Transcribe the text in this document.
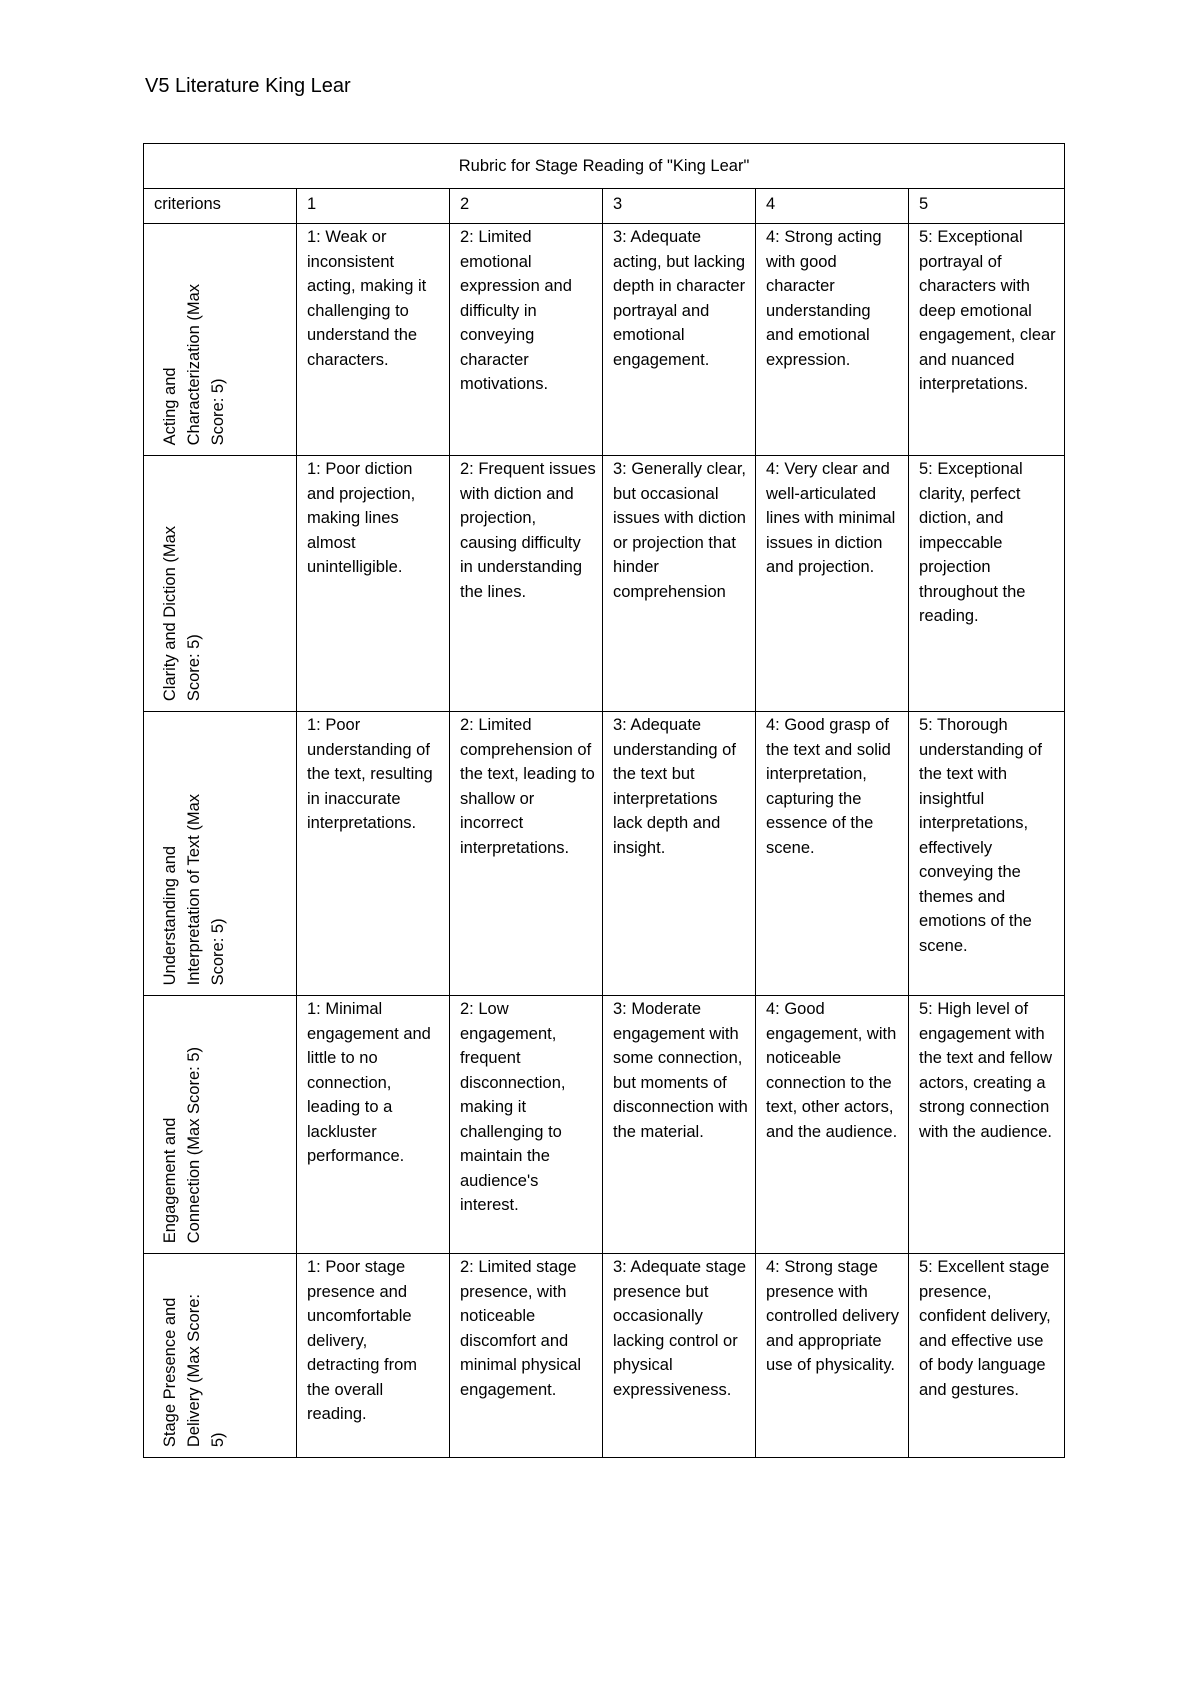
V5 Literature King Lear
Rubric for Stage Reading of "King Lear"					
criterions	1	2	3	4	5

Acting and
Characterization (Max
Score: 5)	1: Weak or inconsistent acting, making it challenging to understand the characters.	2: Limited emotional expression and difficulty in conveying character motivations.	3: Adequate acting, but lacking depth in character portrayal and emotional engagement.	4: Strong acting with good character understanding and emotional expression.	5: Exceptional portrayal of characters with deep emotional engagement, clear and nuanced interpretations.

Clarity and Diction (Max
Score: 5)	1: Poor diction and projection, making lines almost unintelligible.	2: Frequent issues with diction and projection, causing difficulty in understanding the lines.	3: Generally clear, but occasional issues with diction or projection that hinder comprehension	4: Very clear and well-articulated lines with minimal issues in diction and projection.	5: Exceptional clarity, perfect diction, and impeccable projection throughout the reading.

Understanding and
Interpretation of Text (Max
Score: 5)	1: Poor understanding of the text, resulting in inaccurate interpretations.	2: Limited comprehension of the text, leading to shallow or incorrect interpretations.	3: Adequate understanding of the text but interpretations lack depth and insight.	4: Good grasp of the text and solid interpretation, capturing the essence of the scene.	5: Thorough understanding of the text with insightful interpretations, effectively conveying the themes and emotions of the scene.

Engagement and
Connection (Max Score: 5)	1: Minimal engagement and little to no connection, leading to a lackluster performance.	2: Low engagement, frequent disconnection, making it challenging to maintain the audience's interest.	3: Moderate engagement with some connection, but moments of disconnection with the material.	4: Good engagement, with noticeable connection to the text, other actors, and the audience.	5: High level of engagement with the text and fellow actors, creating a strong connection with the audience.

Stage Presence and
Delivery (Max Score:
5)	1: Poor stage presence and uncomfortable delivery, detracting from the overall reading.	2: Limited stage presence, with noticeable discomfort and minimal physical engagement.	3: Adequate stage presence but occasionally lacking control or physical expressiveness.	4: Strong stage presence with controlled delivery and appropriate use of physicality.	5: Excellent stage presence, confident delivery, and effective use of body language and gestures.
